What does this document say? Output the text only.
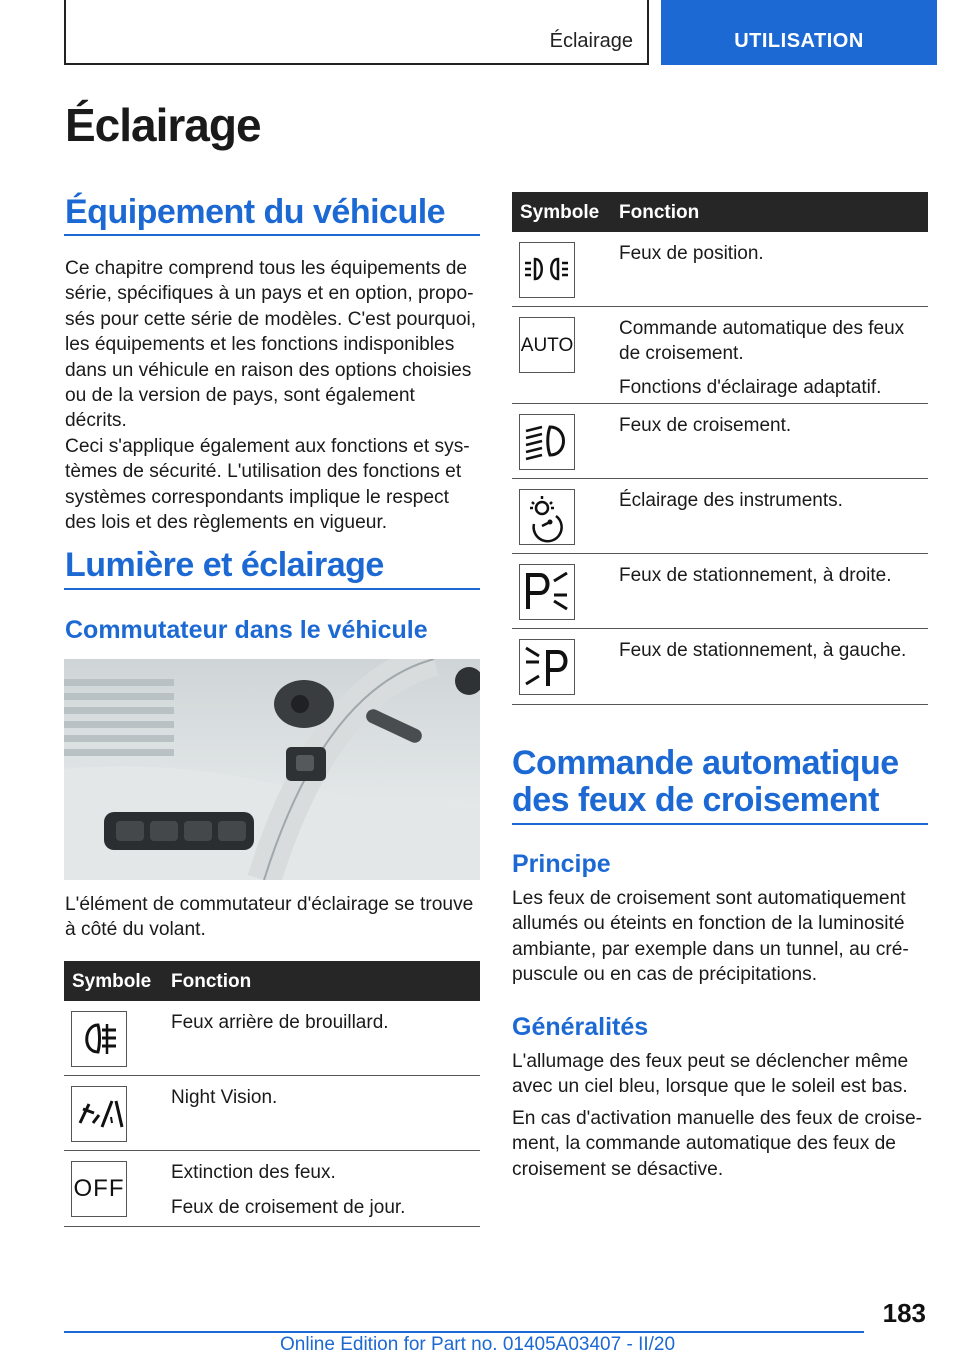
Éclairage	UTILISATION
Éclairage
Équipement du véhicule
Ce chapitre comprend tous les équipements de
série, spécifiques à un pays et en option, propo-
sés pour cette série de modèles. C'est pourquoi,
les équipements et les fonctions indisponibles
dans un véhicule en raison des options choisies
ou de la version de pays, sont également décrits.
Ceci s'applique également aux fonctions et sys-
tèmes de sécurité. L'utilisation des fonctions et
systèmes correspondants implique le respect
des lois et des règlements en vigueur.
Lumière et éclairage
Commutateur dans le véhicule
L'élément de commutateur d'éclairage se trouve
à côté du volant.
Symbole Fonction

Feux arrière de brouillard.

Night Vision.

OFF

Extinction des feux.

Feux de croisement de jour.

Symbole Fonction

Feux de position.

AUTO

Commande automatique des feux de croisement.

Fonctions d'éclairage adaptatif.

Feux de croisement.

Éclairage des instruments.

Feux de stationnement, à droite.

Feux de stationnement, à gauche.

Commande automatique
des feux de croisement
Principe
Les feux de croisement sont automatiquement
allumés ou éteints en fonction de la luminosité
ambiante, par exemple dans un tunnel, au cré-
puscule ou en cas de précipitations.
Généralités
L'allumage des feux peut se déclencher même
avec un ciel bleu, lorsque que le soleil est bas.
En cas d'activation manuelle des feux de croise-
ment, la commande automatique des feux de
croisement se désactive.
183
Online Edition for Part no. 01405A03407 - II/20
